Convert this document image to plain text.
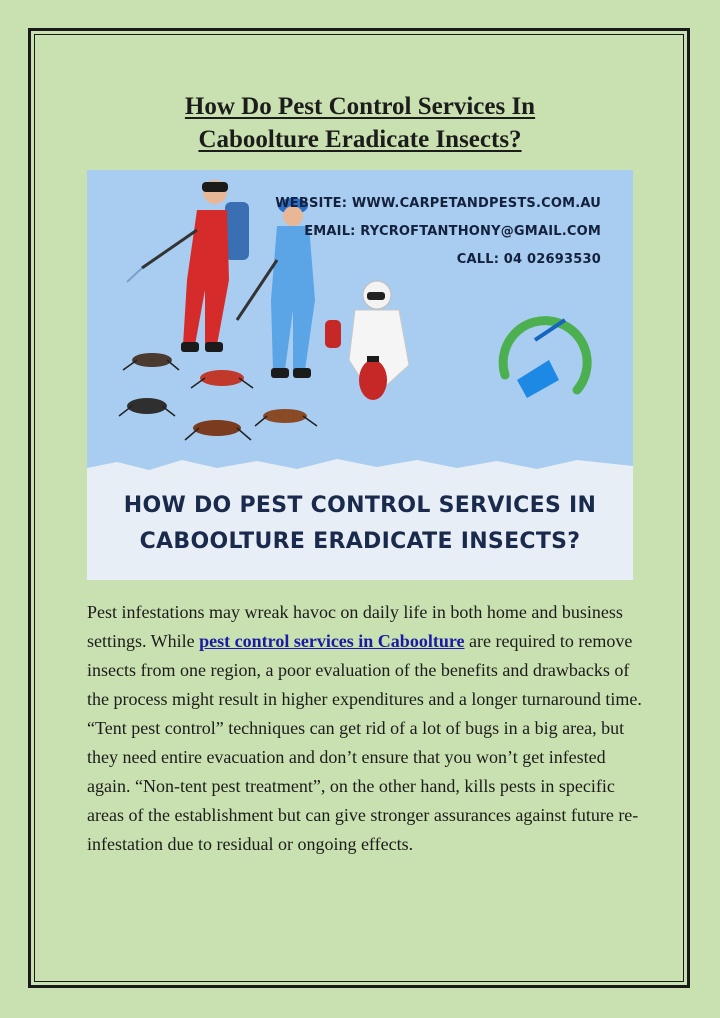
How Do Pest Control Services In
Caboolture Eradicate Insects?
WEBSITE: WWW.CARPETANDPESTS.COM.AU
EMAIL: RYCROFTANTHONY@GMAIL.COM
CALL: 04 02693530
HOW DO PEST CONTROL SERVICES IN
CABOOLTURE ERADICATE INSECTS?

Pest infestations may wreak havoc on daily life in both home and business settings. While pest control services in Caboolture are required to remove insects from one region, a poor evaluation of the benefits and drawbacks of the process might result in higher expenditures and a longer turnaround time. “Tent pest control” techniques can get rid of a lot of bugs in a big area, but they need entire evacuation and don’t ensure that you won’t get infested again. “Non-tent pest treatment”, on the other hand, kills pests in specific areas of the establishment but can give stronger assurances against future re-infestation due to residual or ongoing effects.
